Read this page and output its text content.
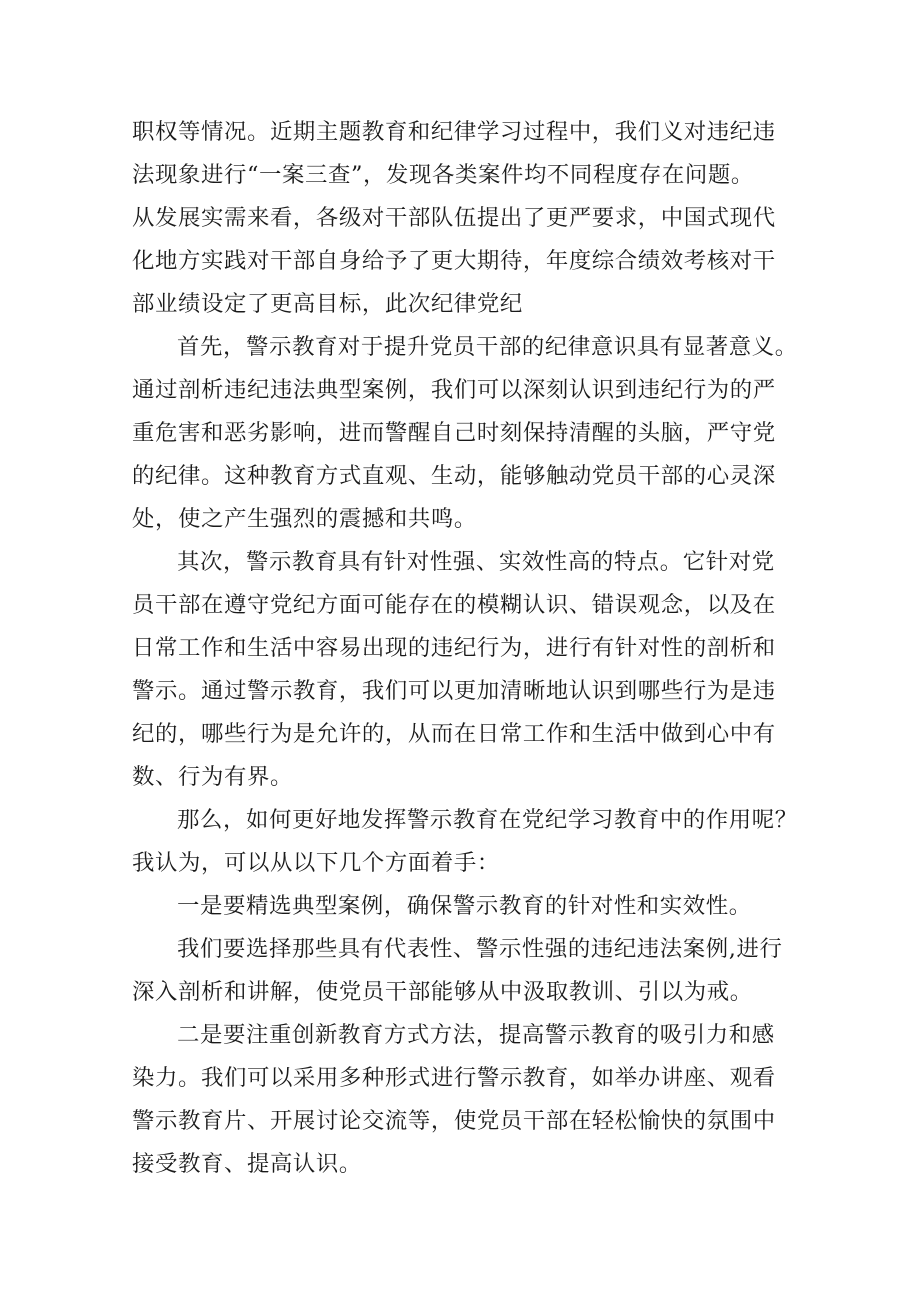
职权等情况。近期主题教育和纪律学习过程中，我们义对违纪违
法现象进行“一案三查”，发现各类案件均不同程度存在问题。
从发展实需来看，各级对干部队伍提出了更严要求，中国式现代
化地方实践对干部自身给予了更大期待，年度综合绩效考核对干
部业绩设定了更高目标，此次纪律党纪

首先，警示教育对于提升党员干部的纪律意识具有显著意义。
通过剖析违纪违法典型案例，我们可以深刻认识到违纪行为的严
重危害和恶劣影响，进而警醒自己时刻保持清醒的头脑，严守党
的纪律。这种教育方式直观、生动，能够触动党员干部的心灵深
处，使之产生强烈的震撼和共鸣。

其次，警示教育具有针对性强、实效性高的特点。它针对党
员干部在遵守党纪方面可能存在的模糊认识、错误观念，以及在
日常工作和生活中容易出现的违纪行为，进行有针对性的剖析和
警示。通过警示教育，我们可以更加清晰地认识到哪些行为是违
纪的，哪些行为是允许的，从而在日常工作和生活中做到心中有
数、行为有界。

那么，如何更好地发挥警示教育在党纪学习教育中的作用呢？
我认为，可以从以下几个方面着手：

一是要精选典型案例，确保警示教育的针对性和实效性。

我们要选择那些具有代表性、警示性强的违纪违法案例,进行
深入剖析和讲解，使党员干部能够从中汲取教训、引以为戒。

二是要注重创新教育方式方法，提高警示教育的吸引力和感
染力。我们可以采用多种形式进行警示教育，如举办讲座、观看
警示教育片、开展讨论交流等，使党员干部在轻松愉快的氛围中
接受教育、提高认识。
